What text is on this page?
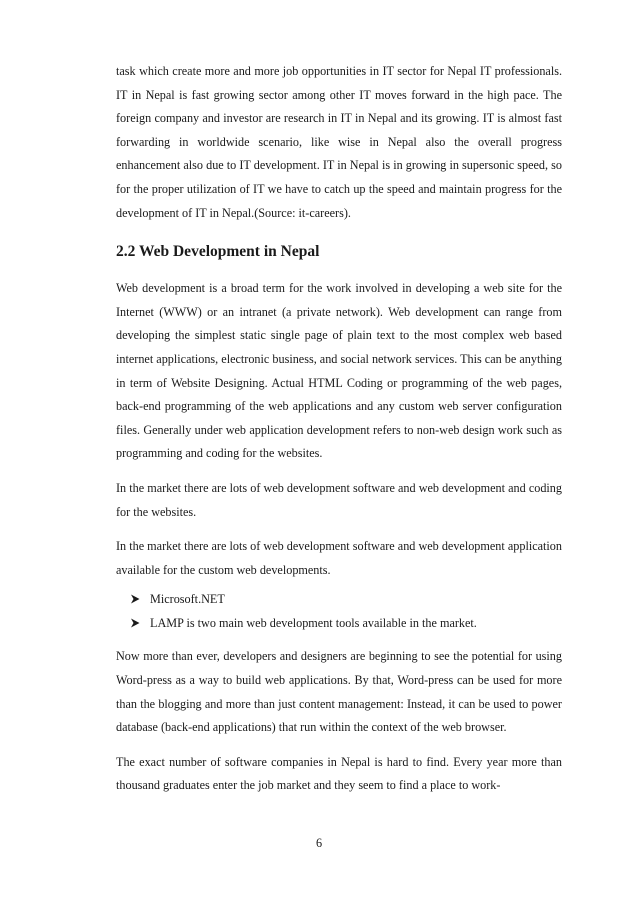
task which create more and more job opportunities in IT sector for Nepal IT professionals. IT in Nepal is fast growing sector among other IT moves forward in the high pace. The foreign company and investor are research in IT in Nepal and its growing. IT is almost fast forwarding in worldwide scenario, like wise in Nepal also the overall progress enhancement also due to IT development. IT in Nepal is in growing in supersonic speed, so for the proper utilization of IT we have to catch up the speed and maintain progress for the development of IT in Nepal.(Source: it-careers).

2.2 Web Development in Nepal

Web development is a broad term for the work involved in developing a web site for the Internet (WWW) or an intranet (a private network). Web development can range from developing the simplest static single page of plain text to the most complex web based internet applications, electronic business, and social network services. This can be anything in term of Website Designing. Actual HTML Coding or programming of the web pages, back-end programming of the web applications and any custom web server configuration files. Generally under web application development refers to non-web design work such as programming and coding for the websites.

In the market there are lots of web development software and web development and coding for the websites.

In the market there are lots of web development software and web development application available for the custom web developments.

Microsoft.NET
LAMP is two main web development tools available in the market.

Now more than ever, developers and designers are beginning to see the potential for using Word-press as a way to build web applications. By that, Word-press can be used for more than the blogging and more than just content management: Instead, it can be used to power database (back-end applications) that run within the context of the web browser.

The exact number of software companies in Nepal is hard to find. Every year more than thousand graduates enter the job market and they seem to find a place to work-

6
